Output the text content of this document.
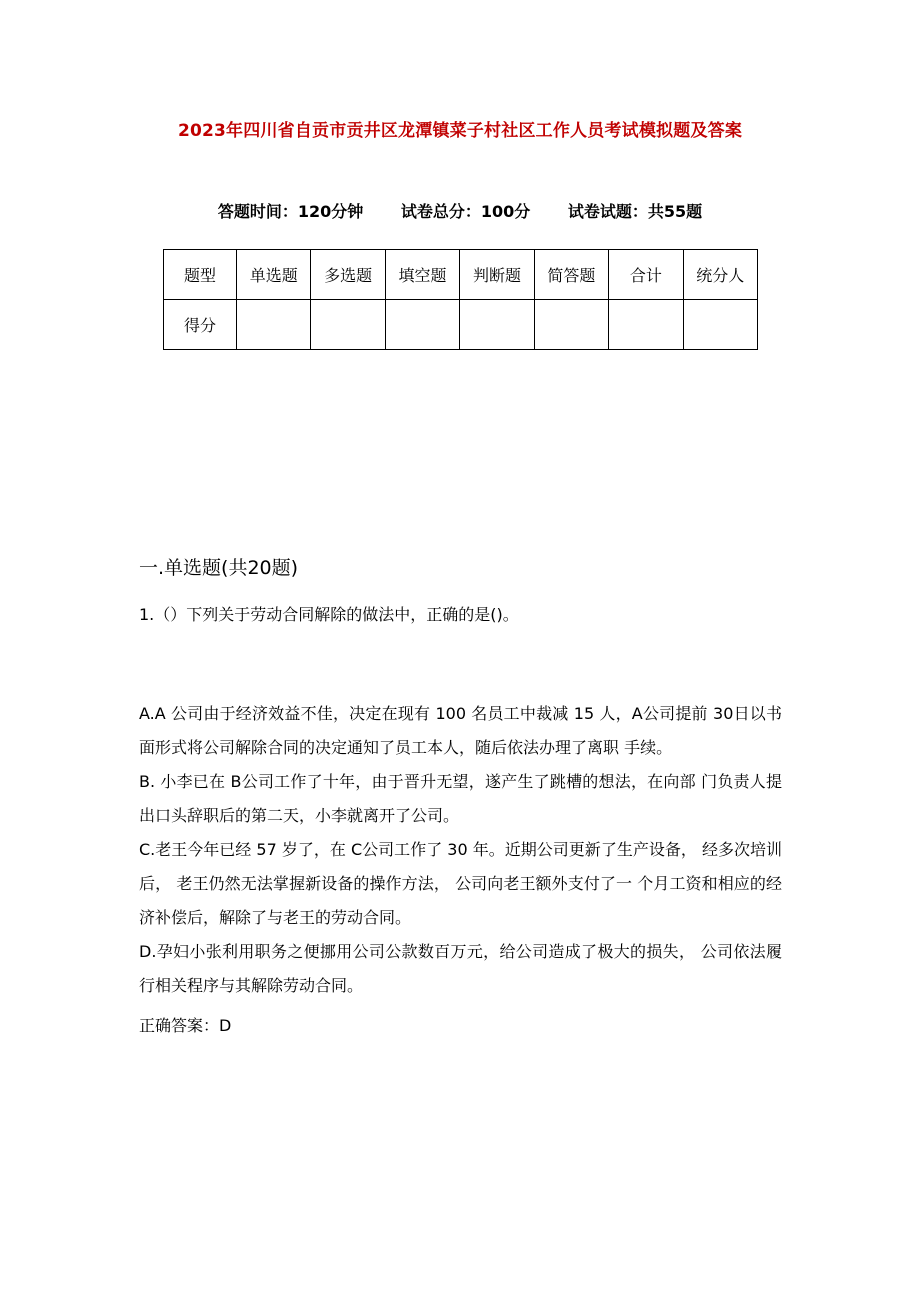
2023年四川省自贡市贡井区龙潭镇菜子村社区工作人员考试模拟题及答案
答题时间：120分钟 试卷总分：100分 试卷试题：共55题
题型	单选题	多选题	填空题	判断题	简答题	合计	统分人
得分							
一.单选题(共20题)
1.（）下列关于劳动合同解除的做法中，正确的是()。

A.A 公司由于经济效益不佳，决定在现有 100 名员工中裁减 15 人，A公司提前 30日以书面形式将公司解除合同的决定通知了员工本人，随后依法办理了离职 手续。

B. 小李已在 B公司工作了十年，由于晋升无望，遂产生了跳槽的想法，在向部 门负责人提出口头辞职后的第二天，小李就离开了公司。

C.老王今年已经 57 岁了，在 C公司工作了 30 年。近期公司更新了生产设备， 经多次培训后， 老王仍然无法掌握新设备的操作方法， 公司向老王额外支付了一 个月工资和相应的经济补偿后，解除了与老王的劳动合同。

D.孕妇小张利用职务之便挪用公司公款数百万元，给公司造成了极大的损失， 公司依法履行相关程序与其解除劳动合同。

正确答案：D
